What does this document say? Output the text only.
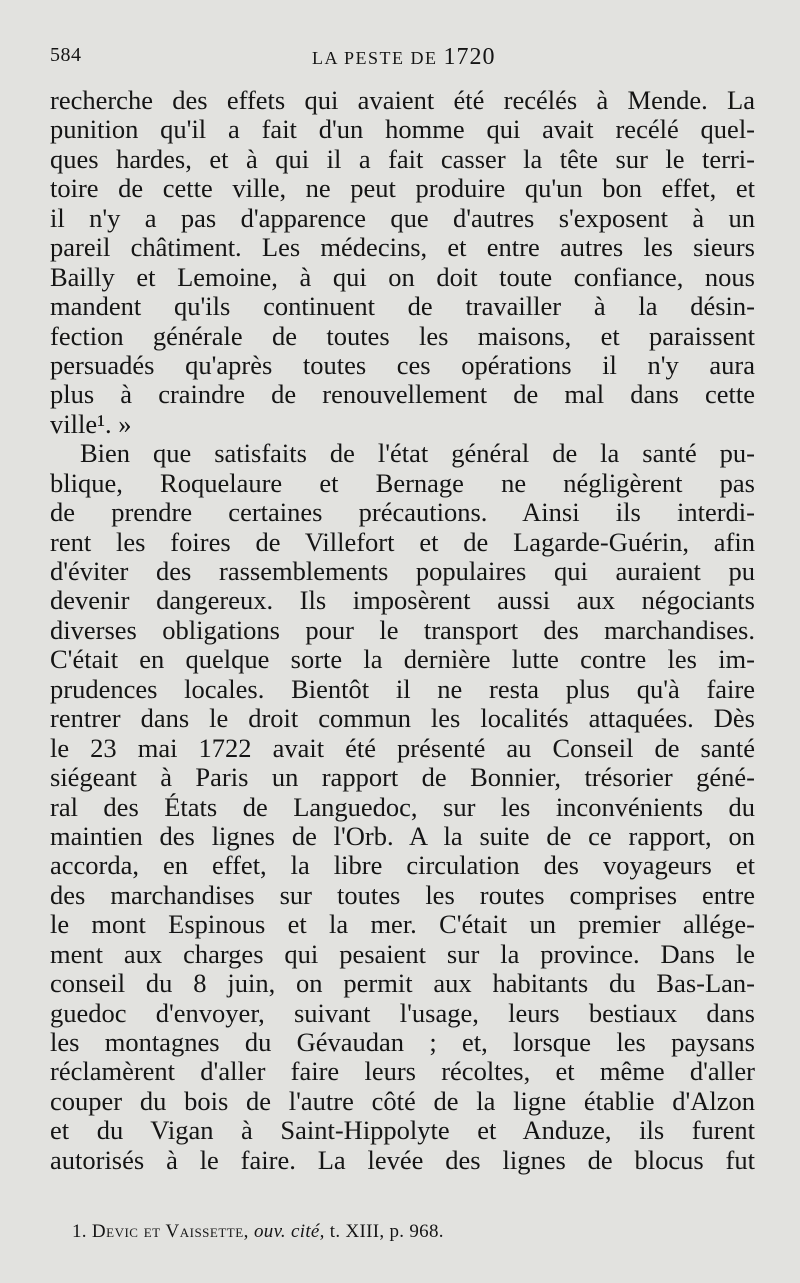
584	LA PESTE DE 1720
recherche des effets qui avaient été recélés à Mende. La
punition qu'il a fait d'un homme qui avait recélé quel-
ques hardes, et à qui il a fait casser la tête sur le terri-
toire de cette ville, ne peut produire qu'un bon effet, et
il n'y a pas d'apparence que d'autres s'exposent à un
pareil châtiment. Les médecins, et entre autres les sieurs
Bailly et Lemoine, à qui on doit toute confiance, nous
mandent qu'ils continuent de travailler à la désin-
fection générale de toutes les maisons, et paraissent
persuadés qu'après toutes ces opérations il n'y aura
plus à craindre de renouvellement de mal dans cette
ville¹. »
Bien que satisfaits de l'état général de la santé pu-
blique, Roquelaure et Bernage ne négligèrent pas
de prendre certaines précautions. Ainsi ils interdi-
rent les foires de Villefort et de Lagarde-Guérin, afin
d'éviter des rassemblements populaires qui auraient pu
devenir dangereux. Ils imposèrent aussi aux négociants
diverses obligations pour le transport des marchandises.
C'était en quelque sorte la dernière lutte contre les im-
prudences locales. Bientôt il ne resta plus qu'à faire
rentrer dans le droit commun les localités attaquées. Dès
le 23 mai 1722 avait été présenté au Conseil de santé
siégeant à Paris un rapport de Bonnier, trésorier géné-
ral des États de Languedoc, sur les inconvénients du
maintien des lignes de l'Orb. A la suite de ce rapport, on
accorda, en effet, la libre circulation des voyageurs et
des marchandises sur toutes les routes comprises entre
le mont Espinous et la mer. C'était un premier allége-
ment aux charges qui pesaient sur la province. Dans le
conseil du 8 juin, on permit aux habitants du Bas-Lan-
guedoc d'envoyer, suivant l'usage, leurs bestiaux dans
les montagnes du Gévaudan ; et, lorsque les paysans
réclamèrent d'aller faire leurs récoltes, et même d'aller
couper du bois de l'autre côté de la ligne établie d'Alzon
et du Vigan à Saint-Hippolyte et Anduze, ils furent
autorisés à le faire. La levée des lignes de blocus fut
1. Devic et Vaissette, ouv. cité, t. XIII, p. 968.
